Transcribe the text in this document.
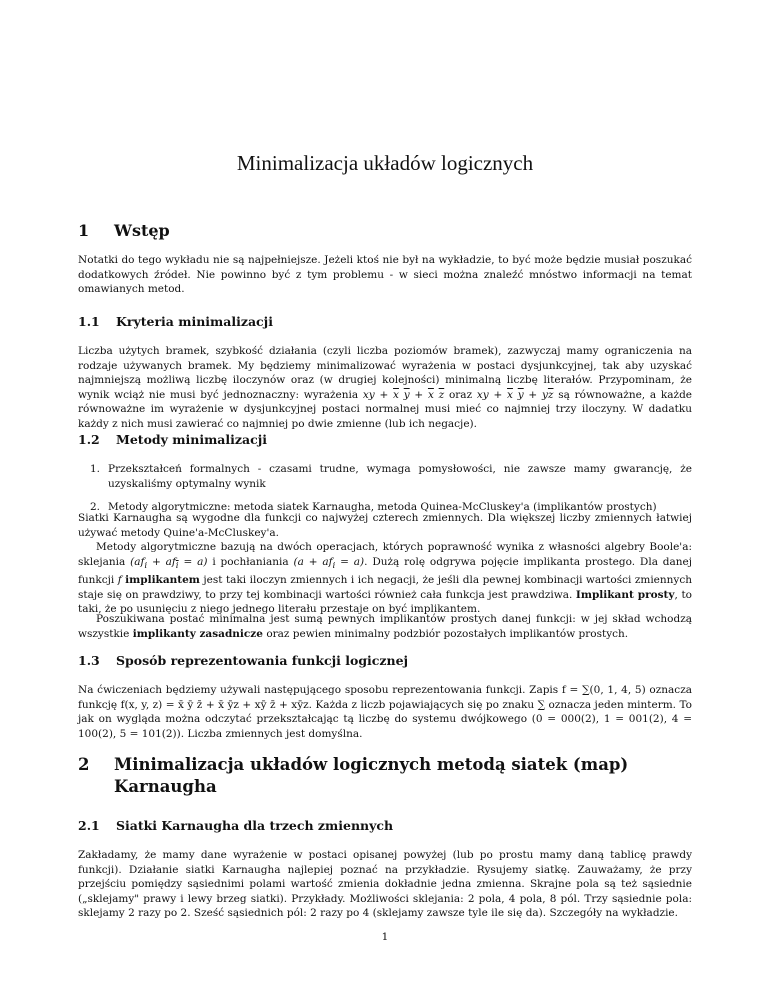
Minimalizacja układów logicznych
1 Wstęp

Notatki do tego wykładu nie są najpełniejsze. Jeżeli ktoś nie był na wykładzie, to być może będzie musiał poszukać dodatkowych źródeł. Nie powinno być z tym problemu - w sieci można znaleźć mnóstwo informacji na temat omawianych metod.

1.1 Kryteria minimalizacji

Liczba użytych bramek, szybkość działania (czyli liczba poziomów bramek), zazwyczaj mamy ograniczenia na rodzaje używanych bramek. My będziemy minimalizować wyrażenia w postaci dysjunkcyjnej, tak aby uzyskać najmniejszą możliwą liczbę iloczynów oraz (w drugiej kolejności) minimalną liczbę literałów. Przypominam, że wynik wciąż nie musi być jednoznaczny: wyrażenia xy + $\overline{x}$ $\overline{y} + \overline{x}$ $\overline{z}$ oraz xy + $\overline{x}$ $\overline{y} + y\overline{z}$ są równoważne, a każde równoważne im wyrażenie w dysjunkcyjnej postaci normalnej musi mieć co najmniej trzy iloczyny. W dadatku każdy z nich musi zawierać co najmniej po dwie zmienne (lub ich negacje).

1.2 Metody minimalizacji
1. Przekształceń formalnych - czasami trudne, wymaga pomysłowości, nie zawsze mamy gwarancję, że uzyskaliśmy optymalny wynik
2. Metody algorytmiczne: metoda siatek Karnaugha, metoda Quinea-McCluskey'a (implikantów prostych)

Siatki Karnaugha są wygodne dla funkcji co najwyżej czterech zmiennych. Dla większej liczby zmiennych łatwiej używać metody Quine'a-McCluskey'a.

Metody algorytmiczne bazują na dwóch operacjach, których poprawność wynika z własności algebry Boole'a: sklejania $(af_i + af_{\overline{i}} = a)$ i pochłaniania $(a + af_i = a)$. Dużą rolę odgrywa pojęcie implikanta prostego. Dla danej funkcji f implikantem jest taki iloczyn zmiennych i ich negacji, że jeśli dla pewnej kombinacji wartości zmiennych staje się on prawdziwy, to przy tej kombinacji wartości również cała funkcja jest prawdziwa. Implikant prosty, to taki, że po usunięciu z niego jednego literału przestaje on być implikantem.

Poszukiwana postać minimalna jest sumą pewnych implikantów prostych danej funkcji: w jej skład wchodzą wszystkie implikanty zasadnicze oraz pewien minimalny podzbiór pozostałych implikantów prostych.

1.3 Sposób reprezentowania funkcji logicznej

Na ćwiczeniach będziemy używali następującego sposobu reprezentowania funkcji. Zapis f = ∑(0, 1, 4, 5) oznacza funkcję f(x, y, z) = x̄ ȳ z̄ + x̄ ȳz + xȳ z̄ + xȳz. Każda z liczb pojawiających się po znaku ∑ oznacza jeden minterm. To jak on wygląda można odczytać przekształcając tą liczbę do systemu dwójkowego (0 = 000(2), 1 = 001(2), 4 = 100(2), 5 = 101(2)). Liczba zmiennych jest domyślna.

2 Minimalizacja układów logicznych metodą siatek (map) Karnaugha
2.1 Siatki Karnaugha dla trzech zmiennych

Zakładamy, że mamy dane wyrażenie w postaci opisanej powyżej (lub po prostu mamy daną tablicę prawdy funkcji). Działanie siatki Karnaugha najlepiej poznać na przykładzie. Rysujemy siatkę. Zauważamy, że przy przejściu pomiędzy sąsiednimi polami wartość zmienia dokładnie jedna zmienna. Skrajne pola są też sąsiednie („sklejamy" prawy i lewy brzeg siatki). Przykłady. Możliwości sklejania: 2 pola, 4 pola, 8 pól. Trzy sąsiednie pola: sklejamy 2 razy po 2. Sześć sąsiednich pól: 2 razy po 4 (sklejamy zawsze tyle ile się da). Szczegóły na wykładzie.

1
